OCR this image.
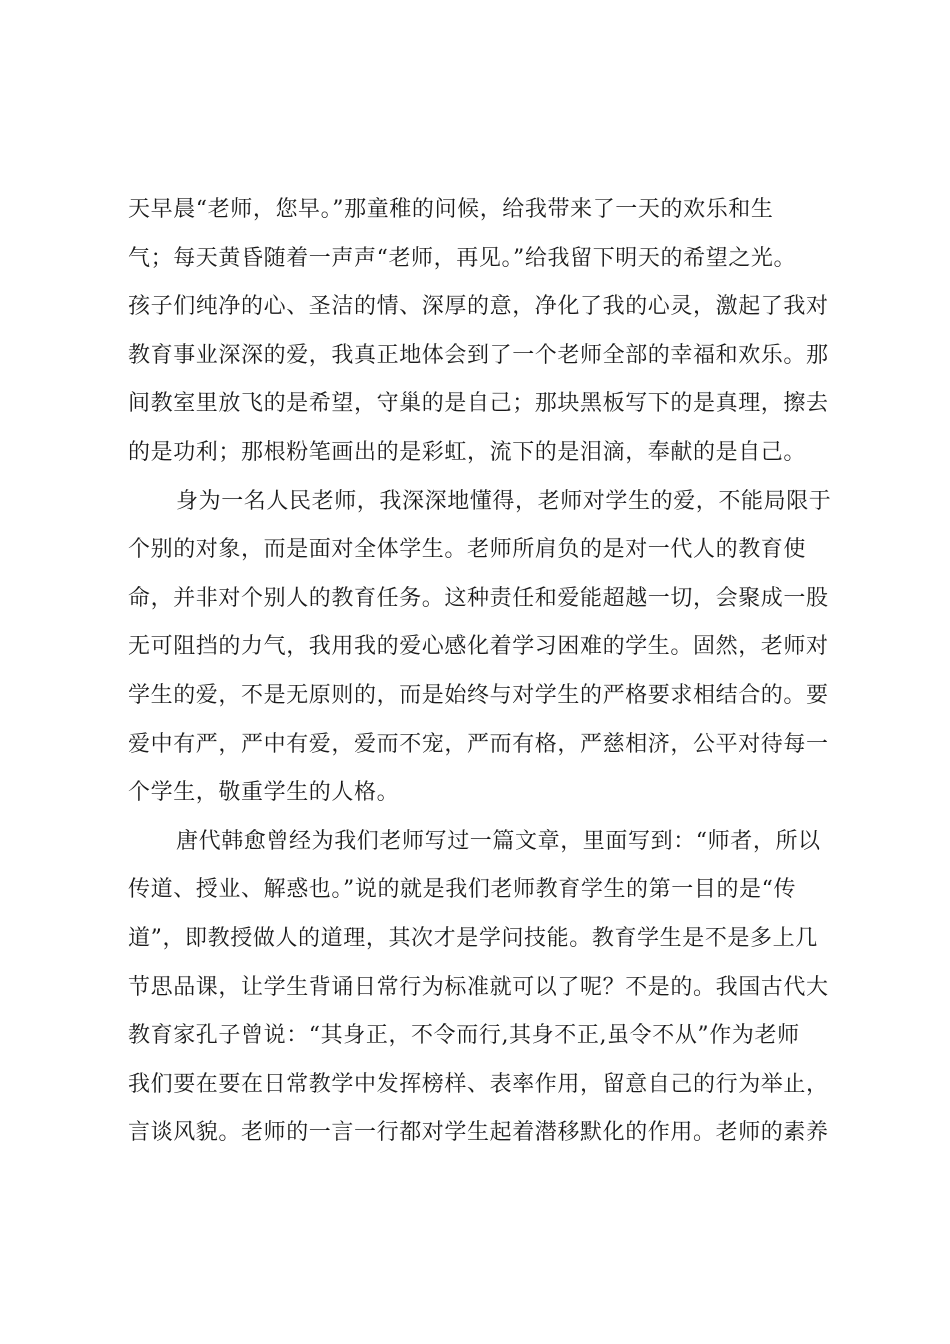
天早晨“老师，您早。”那童稚的问候，给我带来了一天的欢乐和生
气；每天黄昏随着一声声“老师，再见。”给我留下明天的希望之光。
孩子们纯净的心、圣洁的情、深厚的意，净化了我的心灵，激起了我对
教育事业深深的爱，我真正地体会到了一个老师全部的幸福和欢乐。那
间教室里放飞的是希望，守巢的是自己；那块黑板写下的是真理，擦去
的是功利；那根粉笔画出的是彩虹，流下的是泪滴，奉献的是自己。
身为一名人民老师，我深深地懂得，老师对学生的爱，不能局限于
个别的对象，而是面对全体学生。老师所肩负的是对一代人的教育使
命，并非对个别人的教育任务。这种责任和爱能超越一切，会聚成一股
无可阻挡的力气，我用我的爱心感化着学习困难的学生。固然，老师对
学生的爱，不是无原则的，而是始终与对学生的严格要求相结合的。要
爱中有严，严中有爱，爱而不宠，严而有格，严慈相济，公平对待每一
个学生，敬重学生的人格。
唐代韩愈曾经为我们老师写过一篇文章，里面写到：“师者，所以
传道、授业、解惑也。”说的就是我们老师教育学生的第一目的是“传
道”，即教授做人的道理，其次才是学问技能。教育学生是不是多上几
节思品课，让学生背诵日常行为标准就可以了呢？不是的。我国古代大
教育家孔子曾说：“其身正，不令而行,其身不正,虽令不从”作为老师
我们要在要在日常教学中发挥榜样、表率作用，留意自己的行为举止，
言谈风貌。老师的一言一行都对学生起着潜移默化的作用。老师的素养
